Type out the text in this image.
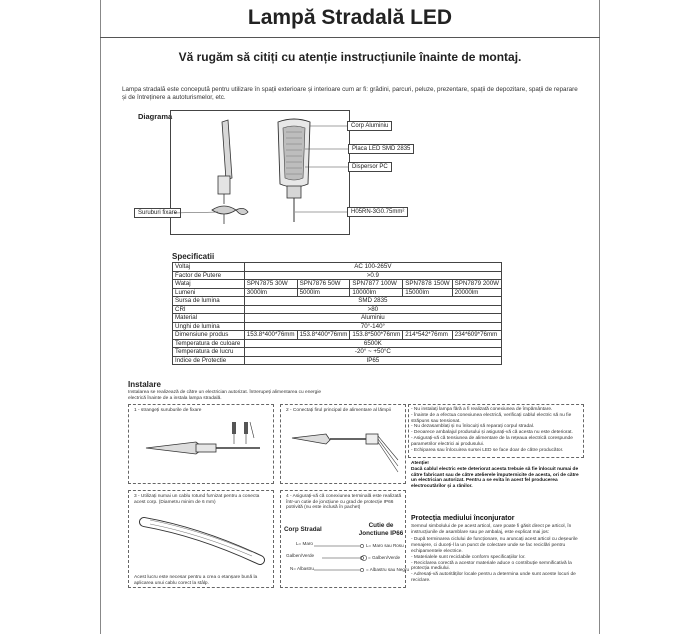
Lampă Stradală LED
Vă rugăm să citiți cu atenție instrucțiunile înainte de montaj.
Lampa stradală este concepută pentru utilizare în spații exterioare și interioare cum ar fi: grădini, parcuri, peluze, prezentare, spații de depozitare, spații de reparare și de întreținere a autoturismelor, etc.
Diagrama
Corp Aluminiu
Placa LED SMD 2835
Dispersor PC
H05RN-3G0.75mm²
Suruburi fixare
Specificatii
Voltaj	AC 100-265V				
Factor de Putere	>0.9				
Wataj	SPN7875 30W	SPN7876 50W	SPN7877 100W	SPN7878 150W	SPN7879 200W
Lumeni	3000lm	5000lm	10000lm	15000lm	20000lm
Sursa de lumina	SMD 2835				
CRI	>80				
Material	Aluminiu				
Unghi de lumina	70°-140°				
Dimensiune produs	153.8*400*76mm	153.8*400*76mm	153.8*500*76mm	214*542*76mm	234*609*76mm
Temperatura de culoare	6500K				
Temperatura de lucru	-20° ~ +50°C				
Indice de Protectie	IP65				
Instalare
Instalarea se realizează de către un electrician autorizat. Întrerupeți alimentarea cu energie electrică înainte de a instala lampa stradală.
1 - strangeți suruburile de fixare	2 - Conectați firul principal de alimentare al lămpii
3 - Utilizați numai un cablu rotund furnizat pentru a conecta acest corp. (Diametru minim de 6 mm)
Acest lucru este necesar pentru a crea o etanșare bună la aplicarea unui cablu corect la stâlp.
4 - Asigurați-vă că conexiunea terminală este realizată într-un cutie de joncțiune cu grad de protecție IP66 potrivită (nu este inclusă în pachet)
Corp Stradal
Cutie de Jonctiune IP66
L= Maro
Galben/Verde
N= Albastru
L= Maro sau Rosu
= Galben/Verde
= Albastru sau Negru
- Nu instalați lampa fără a fi realizată conexiunea de împământare.
- Înainte de a efectua conexiunea electrică, verificați cablul electric să nu fie străpuns sau tensionat.
- Nu dezasamblați și nu înlocuiți să reparați corpul stradal.
- Deoarece ambalajul produsului și asigurați-vă că acesta nu este deteriorat.
- Asigurați-vă că tensiunea de alimentare de la rețeaua electrică corespunde parametrilor electrici ai produsului.
- Echiparea sau înlocuirea sursei LED se face doar de către producător.
Atenție!
Dacă cablul electric este deteriorat acesta trebuie să fie înlocuit numai de către fabricant sau de către atelierele împuternicite de acesta, ori de către un electrician autorizat. Pentru a se evita în acest fel producerea electrocutărilor și a rănilor.
Protecția mediului înconjurator
Semnul simbolului de pe acest articol, care poate fi găsit direct pe articol, în instrucțiunile de asamblare sau pe ambalaj, este explicat mai jos:
- După terminarea ciclului de funcționare, nu aruncați acest articol cu deșeurile menajere, ci duceți-l la un punct de colectare unde se fac reciclări pentru echipamentele electrice.
- Materialele sunt reciclabile conform specificațiilor lor.
- Reciclarea corectă a acestor materiale aduce o contribuție semnificativă la protecția mediului.
- Adresați-vă autorităților locale pentru a determina unde sunt aceste locuri de reciclare.
